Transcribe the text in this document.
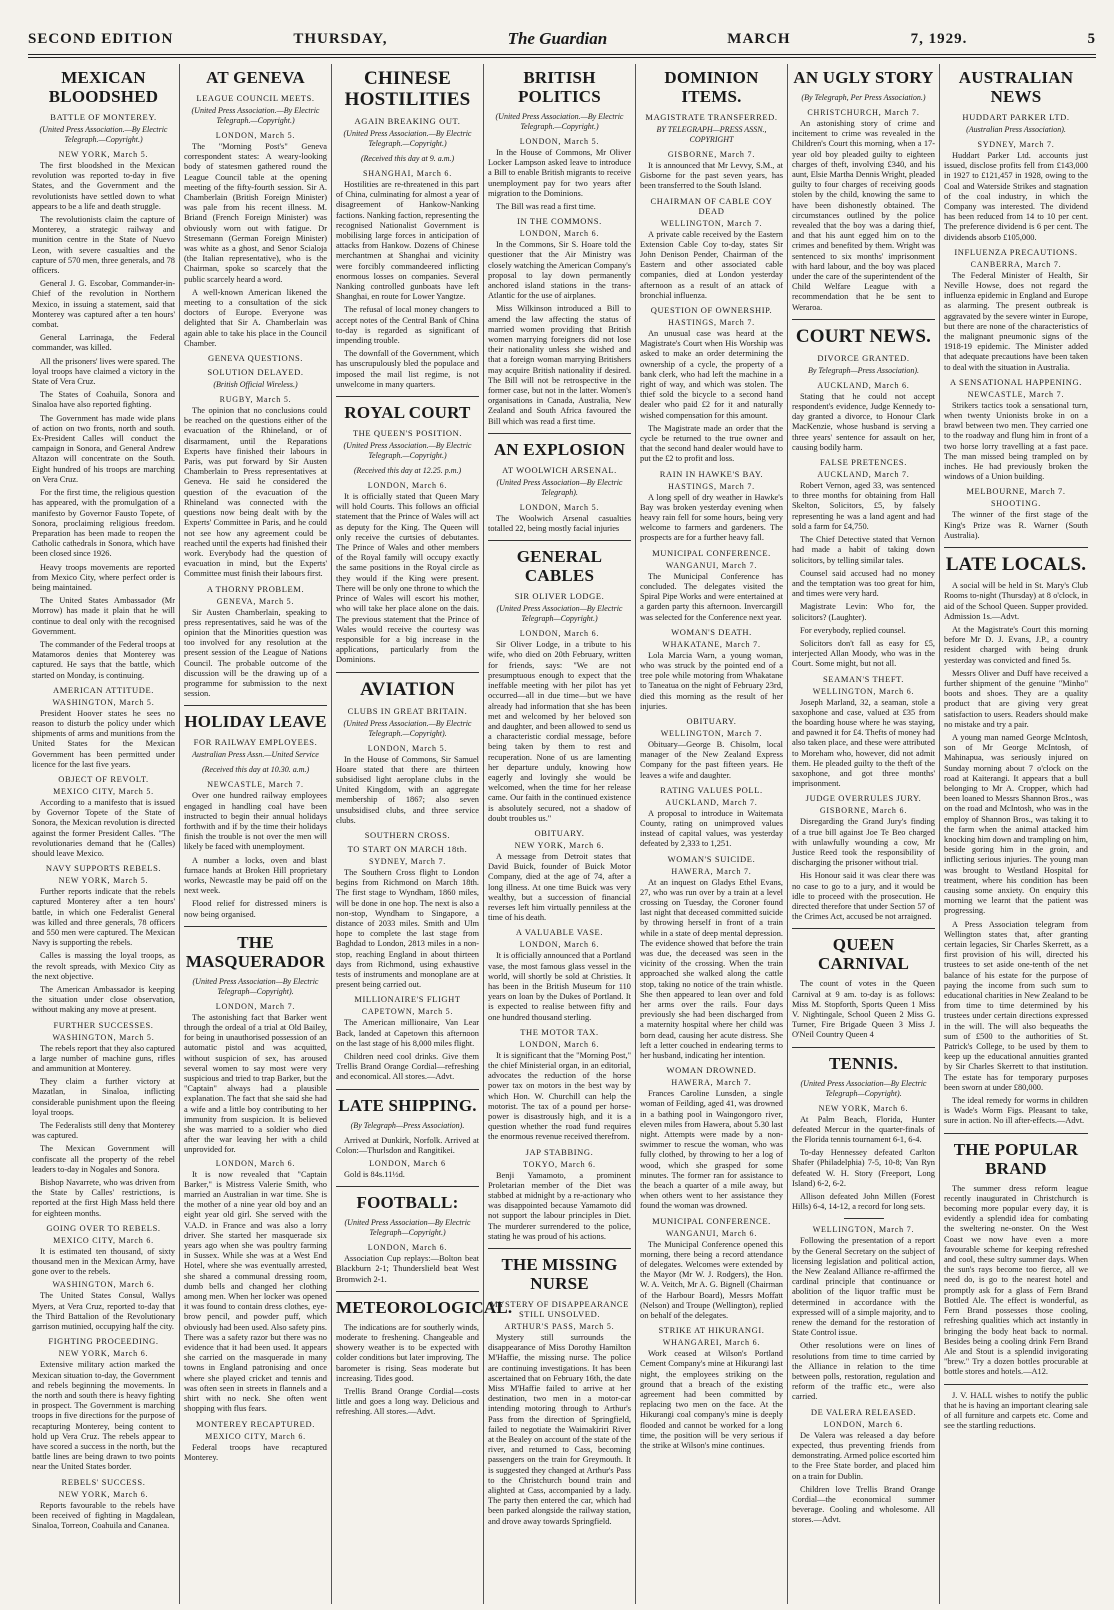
SECOND EDITION	THURSDAY,	The Guardian	MARCH	7, 1929.	5
MEXICAN BLOODSHED
BATTLE OF MONTEREY.
(United Press Association.—By Electric Telegraph.—Copyright.)
NEW YORK, March 5.

The first bloodshed in the Mexican revolution was reported to-day in five States, and the Government and the revolutionists have settled down to what appears to be a life and death struggle.

The revolutionists claim the capture of Monterey, a strategic railway and munition centre in the State of Nuevo Leon, with severe casualties and the capture of 570 men, three generals, and 78 officers.

General J. G. Escobar, Commander-in-Chief of the revolution in Northern Mexico, in issuing a statement, said that Monterey was captured after a ten hours' combat.

General Larrinaga, the Federal commander, was killed.

All the prisoners' lives were spared. The loyal troops have claimed a victory in the State of Vera Cruz.

The States of Coahuila, Sonora and Sinaloa have also reported fighting.

The Government has made wide plans of action on two fronts, north and south. Ex-President Calles will conduct the campaign in Sonora, and General Andrew Altazon will concentrate on the South. Eight hundred of his troops are marching on Vera Cruz.

For the first time, the religious question has appeared, with the promulgation of a manifesto by Governor Fausto Topete, of Sonora, proclaiming religious freedom. Preparation has been made to reopen the Catholic cathedrals in Sonora, which have been closed since 1926.

Heavy troops movements are reported from Mexico City, where perfect order is being maintained.

The United States Ambassador (Mr Morrow) has made it plain that he will continue to deal only with the recognised Government.

The commander of the Federal troops at Matamoros denies that Monterey was captured. He says that the battle, which started on Monday, is continuing.

AMERICAN ATTITUDE.
WASHINGTON, March 5.

President Hoover states he sees no reason to disturb the policy under which shipments of arms and munitions from the United States for the Mexican Government has been permitted under licence for the last five years.

OBJECT OF REVOLT.
MEXICO CITY, March 5.

According to a manifesto that is issued by Governor Topete of the State of Sonora, the Mexican revolution is directed against the former President Calles. "The revolutionaries demand that he (Calles) should leave Mexico.

NAVY SUPPORTS REBELS.
NEW YORK, March 5.

Further reports indicate that the rebels captured Monterey after a ten hours' battle, in which one Federalist General was killed and three generals, 78 officers and 550 men were captured. The Mexican Navy is supporting the rebels.

Calles is massing the loyal troops, as the revolt spreads, with Mexico City as the next objective.

The American Ambassador is keeping the situation under close observation, without making any move at present.

FURTHER SUCCESSES.
WASHINGTON, March 5.

The rebels report that they also captured a large number of machine guns, rifles and ammunition at Monterey.

They claim a further victory at Mazatlan, in Sinaloa, inflicting considerable punishment upon the fleeing loyal troops.

The Federalists still deny that Monterey was captured.

The Mexican Government will confiscate all the property of the rebel leaders to-day in Nogales and Sonora.

Bishop Navarrete, who was driven from the State by Calles' restrictions, is reported at the first High Mass held there for eighteen months.

GOING OVER TO REBELS.
MEXICO CITY, March 6.

It is estimated ten thousand, of sixty thousand men in the Mexican Army, have gone over to the rebels.

WASHINGTON, March 6.

The United States Consul, Wallys Myers, at Vera Cruz, reported to-day that the Third Battalion of the Revolutionary garrison mutinied, occupying half the city.

FIGHTING PROCEEDING.
NEW YORK, March 6.

Extensive military action marked the Mexican situation to-day, the Government and rebels beginning the movements. In the north and south there is heavy fighting in prospect. The Government is marching troops in five directions for the purpose of recapturing Monterey, being content to hold up Vera Cruz. The rebels appear to have scored a success in the north, but the battle lines are being drawn to two points near the United States border.

REBELS' SUCCESS.
NEW YORK, March 6.

Reports favourable to the rebels have been received of fighting in Magdalean, Sinaloa, Torreon, Coahuila and Cananea.

AT GENEVA
LEAGUE COUNCIL MEETS.
(United Press Association.—By Electric Telegraph.—Copyright.)
LONDON, March 5.

The "Morning Post's" Geneva correspondent states: A weary-looking body of statesmen gathered round the League Council table at the opening meeting of the fifty-fourth session. Sir A. Chamberlain (British Foreign Minister) was pale from his recent illness. M. Briand (French Foreign Minister) was obviously worn out with fatigue. Dr Stresemann (German Foreign Minister) was white as a ghost, and Senor Scialoja (the Italian representative), who is the Chairman, spoke so scarcely that the public scarcely heard a word.

A well-known American likened the meeting to a consultation of the sick doctors of Europe. Everyone was delighted that Sir A. Chamberlain was again able to take his place in the Council Chamber.

GENEVA QUESTIONS.
SOLUTION DELAYED.
(British Official Wireless.)
RUGBY, March 5.

The opinion that no conclusions could be reached on the questions either of the evacuation of the Rhineland, or of disarmament, until the Reparations Experts have finished their labours in Paris, was put forward by Sir Austen Chamberlain to Press representatives at Geneva. He said he considered the question of the evacuation of the Rhineland was connected with the questions now being dealt with by the Experts' Committee in Paris, and he could not see how any agreement could be reached until the experts had finished their work. Everybody had the question of evacuation in mind, but the Experts' Committee must finish their labours first.

A THORNY PROBLEM.
GENEVA, March 5.

Sir Austen Chamberlain, speaking to press representatives, said he was of the opinion that the Minorities question was too involved for any resolution at the present session of the League of Nations Council. The probable outcome of the discussion will be the drawing up of a programme for submission to the next session.

HOLIDAY LEAVE
FOR RAILWAY EMPLOYEES.
Australian Press Assn.—United Service
(Received this day at 10.30. a.m.)
NEWCASTLE, March 7.

Over one hundred railway employees engaged in handling coal have been instructed to begin their annual holidays forthwith and if by the time their holidays finish the trouble is not over the men will likely be faced with unemployment.

A number a locks, oven and blast furnace hands at Broken Hill proprietary works, Newcastle may be paid off on the next week.

Flood relief for distressed miners is now being organised.

THE MASQUERADOR
(United Press Association—By Electric Telegraph—Copyright).
LONDON, March 7.

The astonishing fact that Barker went through the ordeal of a trial at Old Bailey, for being in unauthorised possession of an automatic pistol and was acquitted, without suspicion of sex, has aroused several women to say most were very suspicious and tried to trap Barker, but the "Captain" always had a plausible explanation. The fact that she said she had a wife and a little boy contributing to her immunity from suspicion. It is believed she was married to a soldier who died after the war leaving her with a child unprovided for.

LONDON, March 6.

It is now revealed that "Captain Barker," is Mistress Valerie Smith, who married an Australian in war time. She is the mother of a nine year old boy and an eight year old girl. She served with the V.A.D. in France and was also a lorry driver. She started her masquerade six years ago when she was poultry farming in Sussex. While she was at a West End Hotel, where she was eventually arrested, she shared a communal dressing room, dumb bells and changed her clothing among men. When her locker was opened it was found to contain dress clothes, eye-brow pencil, and powder puff, which obviously had been used. Also safety pins. There was a safety razor but there was no evidence that it had been used. It appears she carried on the masquerade in many towns in England patronising and once where she played cricket and tennis and was often seen in streets in flannels and a shirt with no neck. She often went shopping with flus fears.

MONTEREY RECAPTURED.
MEXICO CITY, March 6.

Federal troops have recaptured Monterey.

CHINESE HOSTILITIES
AGAIN BREAKING OUT.
(United Press Association.—By Electric Telegraph.—Copyright.)
(Received this day at 9. a.m.)
SHANGHAI, March 6.

Hostilities are re-threatened in this part of China, culminating for almost a year of disagreement of Hankow-Nanking factions. Nanking faction, representing the recognised Nationalist Government is mobilising large forces in anticipation of attacks from Hankow. Dozens of Chinese merchantmen at Shanghai and vicinity were forcibly commandeered inflicting enormous losses on companies. Several Nanking controlled gunboats have left Shanghai, en route for Lower Yangtze.

The refusal of local money changers to accept notes of the Central Bank of China to-day is regarded as significant of impending trouble.

The downfall of the Government, which has unscrupulously bled the populace and imposed the mail list regime, is not unwelcome in many quarters.

ROYAL COURT
THE QUEEN'S POSITION.
(United Press Association.—By Electric Telegraph.—Copyright.)
(Received this day at 12.25. p.m.)
LONDON, March 6.

It is officially stated that Queen Mary will hold Courts. This follows an official statement that the Prince of Wales will act as deputy for the King. The Queen will only receive the curtsies of debutantes. The Prince of Wales and other members of the Royal family will occupy exactly the same positions in the Royal circle as they would if the King were present. There will be only one throne to which the Prince of Wales will escort his mother, who will take her place alone on the dais. The previous statement that the Prince of Wales would receive the courtesy was responsible for a big increase in the applications, particularly from the Dominions.

AVIATION
CLUBS IN GREAT BRITAIN.
(United Press Association.—By Electric Telegraph.—Copyright).
LONDON, March 5.

In the House of Commons, Sir Samuel Hoare stated that there are thirteen subsidised light aeroplane clubs in the United Kingdom, with an aggregate membership of 1867; also seven unsubsidised clubs, and three service clubs.

SOUTHERN CROSS.
TO START ON MARCH 18th.
SYDNEY, March 7.

The Southern Cross flight to London begins from Richmond on March 18th. The first stage to Wyndham, 1860 miles, will be done in one hop. The next is also a non-stop, Wyndham to Singapore, a distance of 2033 miles. Smith and Ulm hope to complete the last stage from Baghdad to London, 2813 miles in a non-stop, reaching England in about thirteen days from Richmond, using exhaustive tests of instruments and monoplane are at present being carried out.

MILLIONAIRE'S FLIGHT
CAPETOWN, March 5.

The American millionaire, Van Lear Back, landed at Capetown this afternoon on the last stage of his 8,000 miles flight.

Children need cool drinks. Give them Trellis Brand Orange Cordial—refreshing and economical. All stores.—Advt.

LATE SHIPPING.
(By Telegraph—Press Association).

Arrived at Dunkirk, Norfolk. Arrived at Colon:—Thurlsdon and Rangitikei.

LONDON, March 6

Gold is 84s.11½d.

FOOTBALL:
(United Press Association—By Electric Telegraph—Copyright.)
LONDON, March 6.

Association Cup replays:—Bolton beat Blackburn 2-1; Thunderslield beat West Bromwich 2-1.

METEOROLOGICAL.

The indications are for southerly winds, moderate to freshening. Changeable and showery weather is to be expected with colder conditions but later improving. The barometer is rising. Seas moderate but increasing. Tides good.

Trellis Brand Orange Cordial—costs little and goes a long way. Delicious and refreshing. All stores.—Advt.

BRITISH POLITICS
(United Press Association.—By Electric Telegraph.—Copyright.)
LONDON, March 5.

In the House of Commons, Mr Oliver Locker Lampson asked leave to introduce a Bill to enable British migrants to receive unemployment pay for two years after migration to the Dominions.

The Bill was read a first time.

IN THE COMMONS.
LONDON, March 6.

In the Commons, Sir S. Hoare told the questioner that the Air Ministry was closely watching the American Company's proposal to lay down permanently anchored island stations in the trans-Atlantic for the use of airplanes.

Miss Wilkinson introduced a Bill to amend the law affecting the status of married women providing that British women marrying foreigners did not lose their nationality unless she wished and that a foreign woman marrying Britishers may acquire British nationality if desired. The Bill will not be retrospective in the former case, but not in the latter. Women's organisations in Canada, Australia, New Zealand and South Africa favoured the Bill which was read a first time.

AN EXPLOSION
AT WOOLWICH ARSENAL.
(United Press Association—By Electric Telegraph).
LONDON, March 5.

The Woolwich Arsenal casualties totalled 22, being mostly facial injuries

GENERAL CABLES
SIR OLIVER LODGE.
(United Press Association—By Electric Telegraph—Copyright.)
LONDON, March 6.

Sir Oliver Lodge, in a tribute to his wife, who died on 20th February, written for friends, says: "We are not presumptuous enough to expect that the ineffable meeting with her pilot has yet occurred—all in due time—but we have already had information that she has been met and welcomed by her beloved son and daughter, and been allowed to send us a characteristic cordial message, before being taken by them to rest and recuperation. None of us are lamenting her departure unduly, knowing how eagerly and lovingly she would be welcomed, when the time for her release came. Our faith in the continued existence is absolutely secured, not a shadow of doubt troubles us."

OBITUARY.
NEW YORK, March 6.

A message from Detroit states that David Buick, founder of Buick Motor Company, died at the age of 74, after a long illness. At one time Buick was very wealthy, but a succession of financial reverses left him virtually penniless at the time of his death.

A VALUABLE VASE.
LONDON, March 6.

It is officially announced that a Portland vase, the most famous glass vessel in the world, will shortly be sold at Christies. It has been in the British Museum for 110 years on loan by the Dukes of Portland. It is expected to realise between fifty and one hundred thousand sterling.

THE MOTOR TAX.
LONDON, March 6.

It is significant that the "Morning Post," the chief Ministerial organ, in an editorial, advocates the reduction of the horse power tax on motors in the best way by which Hon. W. Churchill can help the motorist. The tax of a pound per horse-power is disastrously high, and it is a question whether the road fund requires the enormous revenue received therefrom.

JAP STABBING.
TOKYO, March 6.

Benji Yamamoto, a prominent Proletarian member of the Diet was stabbed at midnight by a re-actionary who was disappointed because Yamamoto did not support the labour principles in Diet. The murderer surrendered to the police, stating he was proud of his actions.

THE MISSING NURSE
MYSTERY OF DISAPPEARANCE STILL UNSOLVED.
ARTHUR'S PASS, March 5.

Mystery still surrounds the disappearance of Miss Dorothy Hamilton M'Haffie, the missing nurse. The police are continuing investigations. It has been ascertained that on February 16th, the date Miss M'Haffie failed to arrive at her destination, two men in a motor-car intending motoring through to Arthur's Pass from the direction of Springfield, failed to negotiate the Waimakiriri River at the Bealey on account of the state of the river, and returned to Cass, becoming passengers on the train for Greymouth. It is suggested they changed at Arthur's Pass to the Christchurch bound train and alighted at Cass, accompanied by a lady. The party then entered the car, which had been parked alongside the railway station, and drove away towards Springfield.

DOMINION ITEMS.
MAGISTRATE TRANSFERRED.
BY TELEGRAPH—PRESS ASSN., COPYRIGHT
GISBORNE, March 7.

It is announced that Mr Levvy, S.M., at Gisborne for the past seven years, has been transferred to the South Island.

CHAIRMAN OF CABLE COY DEAD
WELLINGTON, March 7.

A private cable received by the Eastern Extension Cable Coy to-day, states Sir John Denison Pender, Chairman of the Eastern and other associated cable companies, died at London yesterday afternoon as a result of an attack of bronchial influenza.

QUESTION OF OWNERSHIP.
HASTINGS, March 7.

An unusual case was heard at the Magistrate's Court when His Worship was asked to make an order determining the ownership of a cycle, the property of a bank clerk, who had left the machine in a right of way, and which was stolen. The thief sold the bicycle to a second hand dealer who paid £2 for it and naturally wished compensation for this amount.

The Magistrate made an order that the cycle be returned to the true owner and that the second hand dealer would have to put the £2 to profit and loss.

RAIN IN HAWKE'S BAY.
HASTINGS, March 7.

A long spell of dry weather in Hawke's Bay was broken yesterday evening when heavy rain fell for some hours, being very welcome to farmers and gardeners. The prospects are for a further heavy fall.

MUNICIPAL CONFERENCE.
WANGANUI, March 7.

The Municipal Conference has concluded. The delegates visited the Spiral Pipe Works and were entertained at a garden party this afternoon. Invercargill was selected for the Conference next year.

WOMAN'S DEATH.
WHAKATANE, March 7.

Lola Marcia Warn, a young woman, who was struck by the pointed end of a tree pole while motoring from Whakatane to Taneatua on the night of February 23rd, died this morning as the result of her injuries.

OBITUARY.
WELLINGTON, March 7.

Obituary—George B. Chisolm, local manager of the New Zealand Express Company for the past fifteen years. He leaves a wife and daughter.

RATING VALUES POLL.
AUCKLAND, March 7.

A proposal to introduce in Waitemata County, rating on unimproved values instead of capital values, was yesterday defeated by 2,333 to 1,251.

WOMAN'S SUICIDE.
HAWERA, March 7.

At an inquest on Gladys Ethel Evans, 27, who was run over by a train at a level crossing on Tuesday, the Coroner found last night that deceased committed suicide by throwing herself in front of a train while in a state of deep mental depression. The evidence showed that before the train was due, the deceased was seen in the vicinity of the crossing. When the train approached she walked along the cattle stop, taking no notice of the train whistle. She then appeared to lean over and fold her arms over the rails. Four days previously she had been discharged from a maternity hospital where her child was born dead, causing her acute distress. She left a letter couched in endearing terms to her husband, indicating her intention.

WOMAN DROWNED.
HAWERA, March 7.

Frances Caroline Lunsden, a single woman of Feilding, aged 41, was drowned in a bathing pool in Waingongoro river, eleven miles from Hawera, about 5.30 last night. Attempts were made by a non-swimmer to rescue the woman, who was fully clothed, by throwing to her a log of wood, which she grasped for some minutes. The former ran for assistance to the beach a quarter of a mile away, but when others went to her assistance they found the woman was drowned.

MUNICIPAL CONFERENCE.
WANGANUI, March 6.

The Municipal Conference opened this morning, there being a record attendance of delegates. Welcomes were extended by the Mayor (Mr W. J. Rodgers), the Hon. W. A. Veitch, Mr A. G. Bignell (Chairman of the Harbour Board), Messrs Moffatt (Nelson) and Troupe (Wellington), replied on behalf of the delegates.

STRIKE AT HIKURANGI.
WHANGAREI, March 6.

Work ceased at Wilson's Portland Cement Company's mine at Hikurangi last night, the employees striking on the ground that a breach of the existing agreement had been committed by replacing two men on the face. At the Hikurangi coal company's mine is deeply flooded and cannot be worked for a long time, the position will be very serious if the strike at Wilson's mine continues.

AN UGLY STORY
(By Telegraph, Per Press Association.)
CHRISTCHURCH, March 7.

An astonishing story of crime and incitement to crime was revealed in the Children's Court this morning, when a 17-year old boy pleaded guilty to eighteen charges of theft, involving £340, and his aunt, Elsie Martha Dennis Wright, pleaded guilty to four charges of receiving goods stolen by the child, knowing the same to have been dishonestly obtained. The circumstances outlined by the police revealed that the boy was a daring thief, and that his aunt egged him on to the crimes and benefited by them. Wright was sentenced to six months' imprisonment with hard labour, and the boy was placed under the care of the superintendent of the Child Welfare League with a recommendation that he be sent to Weraroa.

COURT NEWS.
DIVORCE GRANTED.
By Telegraph—Press Association).
AUCKLAND, March 6.

Stating that he could not accept respondent's evidence, Judge Kennedy to-day granted a divorce, to Honour Clark MacKenzie, whose husband is serving a three years' sentence for assault on her, causing bodily harm.

FALSE PRETENCES.
AUCKLAND, March 7.

Robert Vernon, aged 33, was sentenced to three months for obtaining from Hall Skelton, Solicitors, £5, by falsely representing he was a land agent and had sold a farm for £4,750.

The Chief Detective stated that Vernon had made a habit of taking down solicitors, by telling similar tales.

Counsel said accused had no money and the temptation was too great for him, and times were very hard.

Magistrate Levin: Who for, the solicitors? (Laughter).

For everybody, replied counsel.

Solicitors don't fall as easy for £5, interjected Allan Moody, who was in the Court. Some might, but not all.

SEAMAN'S THEFT.
WELLINGTON, March 6.

Joseph Marland, 32, a seaman, stole a saxophone and case, valued at £35 from the boarding house where he was staying, and pawned it for £4. Thefts of money had also taken place, and these were attributed to Moreham who, however, did not admit them. He pleaded guilty to the theft of the saxophone, and got three months' imprisonment.

JUDGE OVERRULES JURY.
GISBORNE, March 6.

Disregarding the Grand Jury's finding of a true bill against Joe Te Beo charged with unlawfully wounding a cow, Mr Justice Reed took the responsibility of discharging the prisoner without trial.

His Honour said it was clear there was no case to go to a jury, and it would be idle to proceed with the prosecution. He directed therefore that under Section 57 of the Crimes Act, accused be not arraigned.

QUEEN CARNIVAL

The count of votes in the Queen Carnival at 9 am. to-day is as follows: Miss M. Stopforth, Sports Queen 1 Miss V. Nightingale, School Queen 2 Miss G. Turner, Fire Brigade Queen 3 Miss J. O'Neil Country Queen 4

TENNIS.
(United Press Association—By Electric Telegraph—Copyright).
NEW YORK, March 6.

At Palm Beach, Florida, Hunter defeated Mercur in the quarter-finals of the Florida tennis tournament 6-1, 6-4.

To-day Hennessey defeated Carlton Shafer (Philadelphia) 7-5, 10-8; Van Ryn defeated W. H. Story (Freeport, Long Island) 6-2, 6-2.

Allison defeated John Millen (Forest Hills) 6-4, 14-12, a record for long sets.

WELLINGTON, March 7.

Following the presentation of a report by the General Secretary on the subject of licensing legislation and political action, the New Zealand Alliance re-affirmed the cardinal principle that continuance or abolition of the liquor traffic must be determined in accordance with the expressed will of a simple majority, and to renew the demand for the restoration of State Control issue.

Other resolutions were on lines of resolutions from time to time carried by the Alliance in relation to the time between polls, restoration, regulation and reform of the traffic etc., were also carried.

DE VALERA RELEASED.
LONDON, March 6.

De Valera was released a day before expected, thus preventing friends from demonstrating. Armed police escorted him to the Free State border, and placed him on a train for Dublin.

Children love Trellis Brand Orange Cordial—the economical summer beverage. Cooling and wholesome. All stores.—Advt.

AUSTRALIAN NEWS
HUDDART PARKER LTD.
(Australian Press Association).
SYDNEY, March 7.

Huddart Parker Ltd. accounts just issued, disclose profits fell from £143,000 in 1927 to £121,457 in 1928, owing to the Coal and Waterside Strikes and stagnation of the coal industry, in which the Company was interested. The dividend has been reduced from 14 to 10 per cent. The preference dividend is 6 per cent. The dividends absorb £105,000.

INFLUENZA PRECAUTIONS.
CANBERRA, March 7.

The Federal Minister of Health, Sir Neville Howse, does not regard the influenza epidemic in England and Europe as alarming. The present outbreak is aggravated by the severe winter in Europe, but there are none of the characteristics of the malignant pneumonic signs of the 1918-19 epidemic. The Minister added that adequate precautions have been taken to deal with the situation in Australia.

A SENSATIONAL HAPPENING.
NEWCASTLE, March 7.

Strikers tactics took a sensational turn, when twenty Unionists broke in on a brawl between two men. They carried one to the roadway and flung him in front of a two horse lorry travelling at a fast pace. The man missed being trampled on by inches. He had previously broken the windows of a Union building.

MELBOURNE, March 7.
SHOOTING.

The winner of the first stage of the King's Prize was R. Warner (South Australia).

LATE LOCALS.

A social will be held in St. Mary's Club Rooms to-night (Thursday) at 8 o'clock, in aid of the School Queen. Supper provided. Admission 1s.—Advt.

At the Magistrate's Court this morning before Mr D. J. Evans, J.P., a country resident charged with being drunk yesterday was convicted and fined 5s.

Messrs Oliver and Duff have received a further shipment of the genuine "Minho" boots and shoes. They are a quality product that are giving very great satisfaction to users. Readers should make no mistake and try a pair.

A young man named George McIntosh, son of Mr George McIntosh, of Mahinapua, was seriously injured on Sunday morning about 7 o'clock on the road at Kaiterangi. It appears that a bull belonging to Mr A. Cropper, which had been loaned to Messrs Shannon Bros., was on the road and McIntosh, who was in the employ of Shannon Bros., was taking it to the farm when the animal attacked him knocking him down and trampling on him, beside goring him in the groin, and inflicting serious injuries. The young man was brought to Westland Hospital for treatment, where his condition has been causing some anxiety. On enquiry this morning we learnt that the patient was progressing.

A Press Association telegram from Wellington states that, after granting certain legacies, Sir Charles Skerrett, as a first provision of his will, directed his trustees to set aside one-tenth of the net balance of his estate for the purpose of paying the income from such sum to educational charities in New Zealand to be from time to time determined by his trustees under certain directions expressed in the will. The will also bequeaths the sum of £500 to the authorities of St. Patrick's College, to be used by them to keep up the educational annuities granted by Sir Charles Skerrett to that institution. The estate has for temporary purposes been sworn at under £80,000.

The ideal remedy for worms in children is Wade's Worm Figs. Pleasant to take, sure in action. No ill after-effects.—Advt.

THE POPULAR BRAND

The summer dress reform league recently inaugurated in Christchurch is becoming more popular every day, it is evidently a splendid idea for combating the sweltering ne-onster. On the West Coast we now have even a more favourable scheme for keeping refreshed and cool, these sultry summer days. When the sun's rays become too fierce, all we need do, is go to the nearest hotel and promptly ask for a glass of Fern Brand Bottled Ale. The effect is wonderful, as Fern Brand possesses those cooling, refreshing qualities which act instantly in bringing the body heat back to normal. Besides being a cooling drink Fern Brand Ale and Stout is a splendid invigorating "brew." Try a dozen bottles procurable at bottle stores and hotels.—A12.

J. V. HALL wishes to notify the public that he is having an important clearing sale of all furniture and carpets etc. Come and see the startling reductions.
